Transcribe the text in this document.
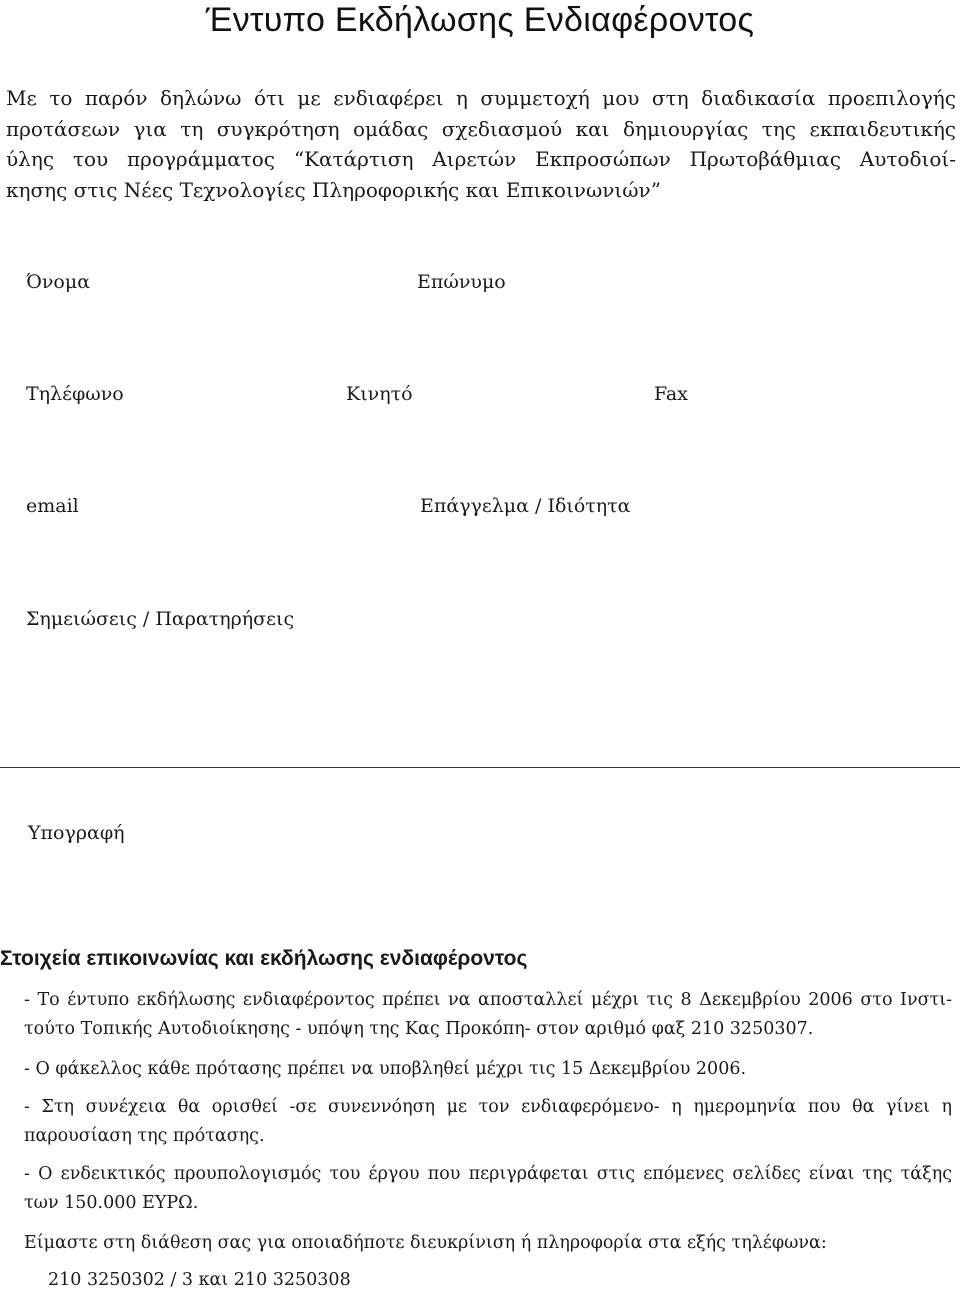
Έντυπο Εκδήλωσης Ενδιαφέροντος

Με το παρόν δηλώνω ότι με ενδιαφέρει η συμμετοχή μου στη διαδικασία προεπιλογής
προτάσεων για τη συγκρότηση ομάδας σχεδιασμού και δημιουργίας της εκπαιδευτικής
ύλης του προγράμματος “Κατάρτιση Αιρετών Εκπροσώπων Πρωτοβάθμιας Αυτοδιοί-
κησης στις Νέες Τεχνολογίες Πληροφορικής και Επικοινωνιών”

Όνομα	Επώνυμο
Τηλέφωνο	Κινητό	Fax
email	Επάγγελμα / Ιδιότητα
Σημειώσεις / Παρατηρήσεις
Υπογραφή
Στοιχεία επικοινωνίας και εκδήλωσης ενδιαφέροντος

- Το έντυπο εκδήλωσης ενδιαφέροντος πρέπει να αποσταλλεί μέχρι τις 8 Δεκεμβρίου 2006 στο Ινστι-
τούτο Τοπικής Αυτοδιοίκησης - υπόψη της Κας Προκόπη- στον αριθμό φαξ 210 3250307.

- Ο φάκελλος κάθε πρότασης πρέπει να υποβληθεί μέχρι τις 15 Δεκεμβρίου 2006.

- Στη συνέχεια θα ορισθεί -σε συνεννόηση με τον ενδιαφερόμενο- η ημερομηνία που θα γίνει η
παρουσίαση της πρότασης.

- Ο ενδεικτικός προυπολογισμός του έργου που περιγράφεται στις επόμενες σελίδες είναι της τάξης
των 150.000 ΕΥΡΩ.

Είμαστε στη διάθεση σας για οποιαδήποτε διευκρίνιση ή πληροφορία στα εξής τηλέφωνα:

210 3250302 / 3 και 210 3250308
